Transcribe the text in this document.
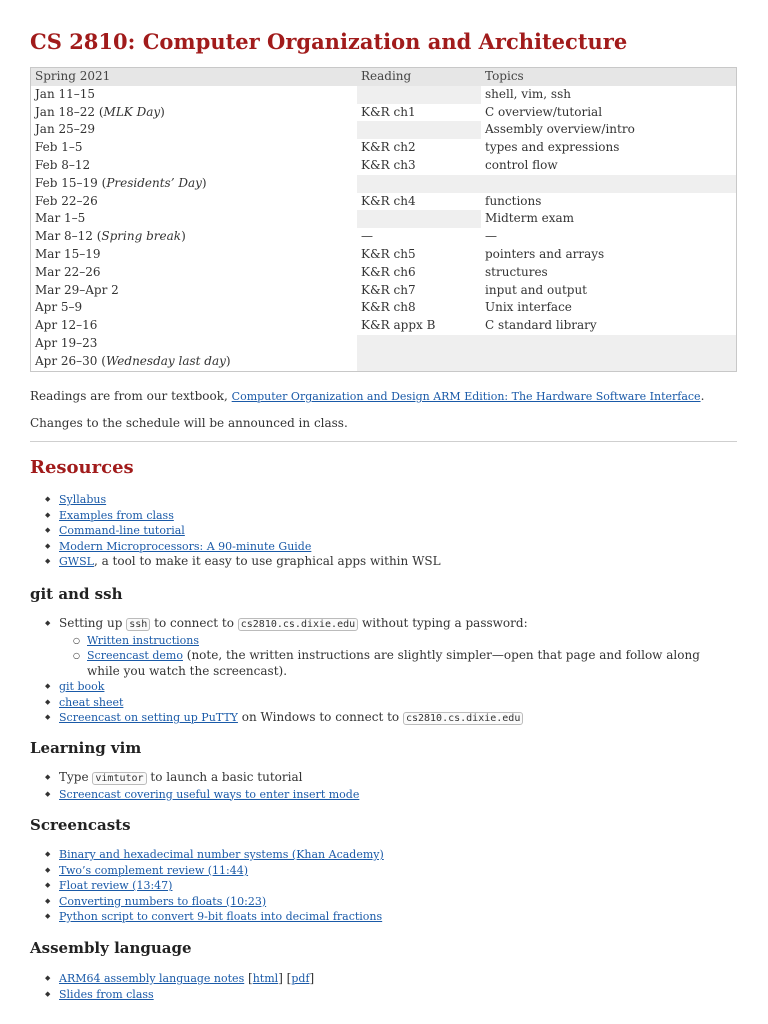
CS 2810: Computer Organization and Architecture
Spring 2021	Reading	Topics
Jan 11–15		shell, vim, ssh
Jan 18–22 (MLK Day)	K&R ch1	C overview/tutorial
Jan 25–29		Assembly overview/intro
Feb 1–5	K&R ch2	types and expressions
Feb 8–12	K&R ch3	control flow
Feb 15–19 (Presidents’ Day)		
Feb 22–26	K&R ch4	functions
Mar 1–5		Midterm exam
Mar 8–12 (Spring break)	—	—
Mar 15–19	K&R ch5	pointers and arrays
Mar 22–26	K&R ch6	structures
Mar 29–Apr 2	K&R ch7	input and output
Apr 5–9	K&R ch8	Unix interface
Apr 12–16	K&R appx B	C standard library
Apr 19–23		
Apr 26–30 (Wednesday last day)		

Readings are from our textbook, Computer Organization and Design ARM Edition: The Hardware Software Interface.

Changes to the schedule will be announced in class.

Resources
◆ Syllabus
◆ Examples from class
◆ Command-line tutorial
◆ Modern Microprocessors: A 90-minute Guide
◆ GWSL, a tool to make it easy to use graphical apps within WSL
git and ssh
◆ Setting up ssh to connect to cs2810.cs.dixie.edu without typing a password:
○ Written instructions
○ Screencast demo (note, the written instructions are slightly simpler—open that page and follow along
while you watch the screencast).
◆ git book
◆ cheat sheet
◆ Screencast on setting up PuTTY on Windows to connect to cs2810.cs.dixie.edu
Learning vim
◆ Type vimtutor to launch a basic tutorial
◆ Screencast covering useful ways to enter insert mode
Screencasts
◆ Binary and hexadecimal number systems (Khan Academy)
◆ Two’s complement review (11:44)
◆ Float review (13:47)
◆ Converting numbers to floats (10:23)
◆ Python script to convert 9-bit floats into decimal fractions
Assembly language
◆ ARM64 assembly language notes [html] [pdf]
◆ Slides from class
